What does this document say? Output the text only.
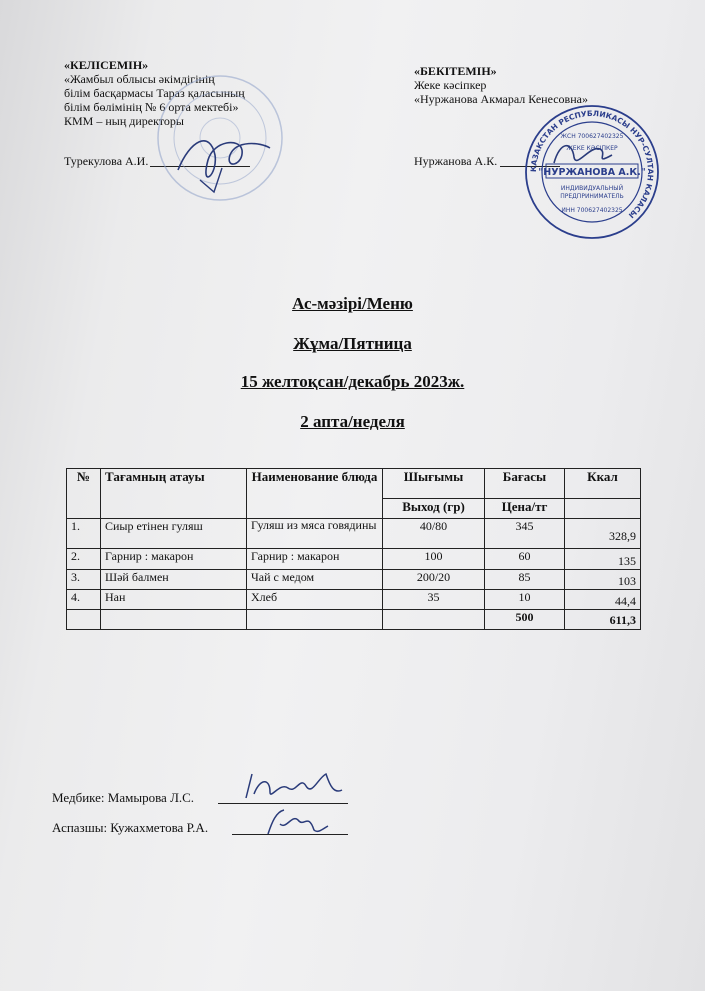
«КЕЛІСЕМІН»
«Жамбыл облысы әкімдігінің
білім басқармасы Тараз қаласының
білім бөлімінің № 6 орта мектебі»
КММ – ның директоры
Турекулова А.И.
«БЕКІТЕМІН»
Жеке кәсіпкер
«Нуржанова Акмарал Кенесовна»
Нуржанова А.К.
КАЗАКСТАН РЕСПУБЛИКАСЫ НУР-СУЛТАН КАЛАСЫ
ЖСН 700627402325
ЖЕКЕ КӘСІПКЕР
"НУРЖАНОВА А.К."
ИНДИВИДУАЛЬНЫЙ
ПРЕДПРИНИМАТЕЛЬ
ИНН 700627402325
Ас-мәзірі/Меню
Жұма/Пятница
15 желтоқсан/декабрь 2023ж.
2 апта/неделя
№	Тағамның атауы	Наименование блюда	Шығымы	Бағасы	Ккал
			Выход (гр)	Цена/тг	
1.	Сиыр етінен гуляш	Гуляш из мяса говядины	40/80	345	328,9
2.	Гарнир : макарон	Гарнир : макарон	100	60	135
3.	Шәй балмен	Чай с медом	200/20	85	103
4.	Нан	Хлеб	35	10	44,4
				500	611,3
Медбике: Мамырова Л.С.
Аспазшы: Кужахметова Р.А.
